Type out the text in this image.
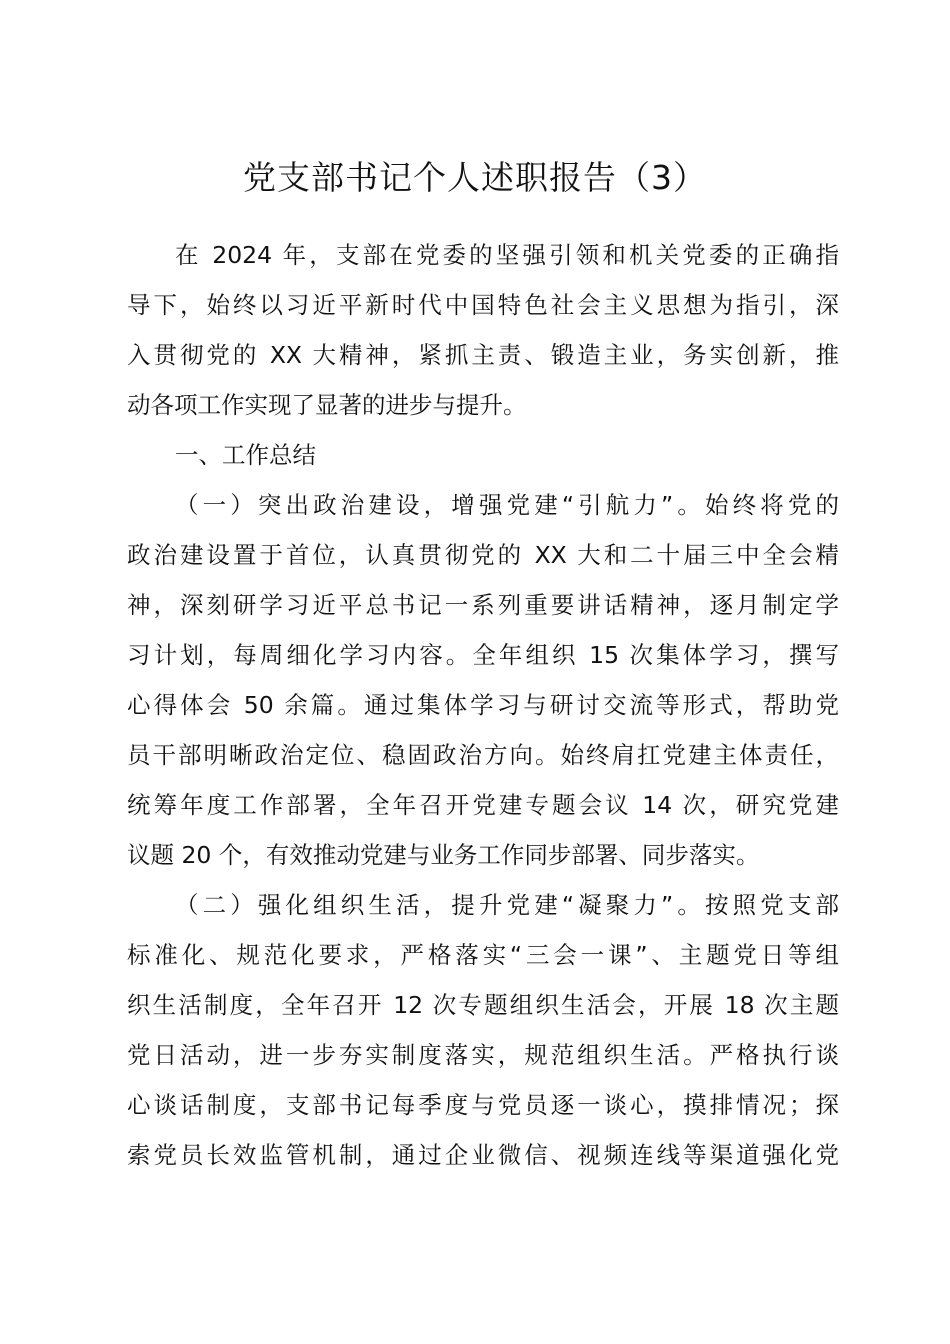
党支部书记个人述职报告（3）
在 2024 年，支部在党委的坚强引领和机关党委的正确指
导下，始终以习近平新时代中国特色社会主义思想为指引，深
入贯彻党的 XX 大精神，紧抓主责、锻造主业，务实创新，推
动各项工作实现了显著的进步与提升。
一、工作总结
（一）突出政治建设，增强党建“引航力”。始终将党的
政治建设置于首位，认真贯彻党的 XX 大和二十届三中全会精
神，深刻研学习近平总书记一系列重要讲话精神，逐月制定学
习计划，每周细化学习内容。全年组织 15 次集体学习，撰写
心得体会 50 余篇。通过集体学习与研讨交流等形式，帮助党
员干部明晰政治定位、稳固政治方向。始终肩扛党建主体责任，
统筹年度工作部署，全年召开党建专题会议 14 次，研究党建
议题 20 个，有效推动党建与业务工作同步部署、同步落实。
（二）强化组织生活，提升党建“凝聚力”。按照党支部
标准化、规范化要求，严格落实“三会一课”、主题党日等组
织生活制度，全年召开 12 次专题组织生活会，开展 18 次主题
党日活动，进一步夯实制度落实，规范组织生活。严格执行谈
心谈话制度，支部书记每季度与党员逐一谈心，摸排情况；探
索党员长效监管机制，通过企业微信、视频连线等渠道强化党
